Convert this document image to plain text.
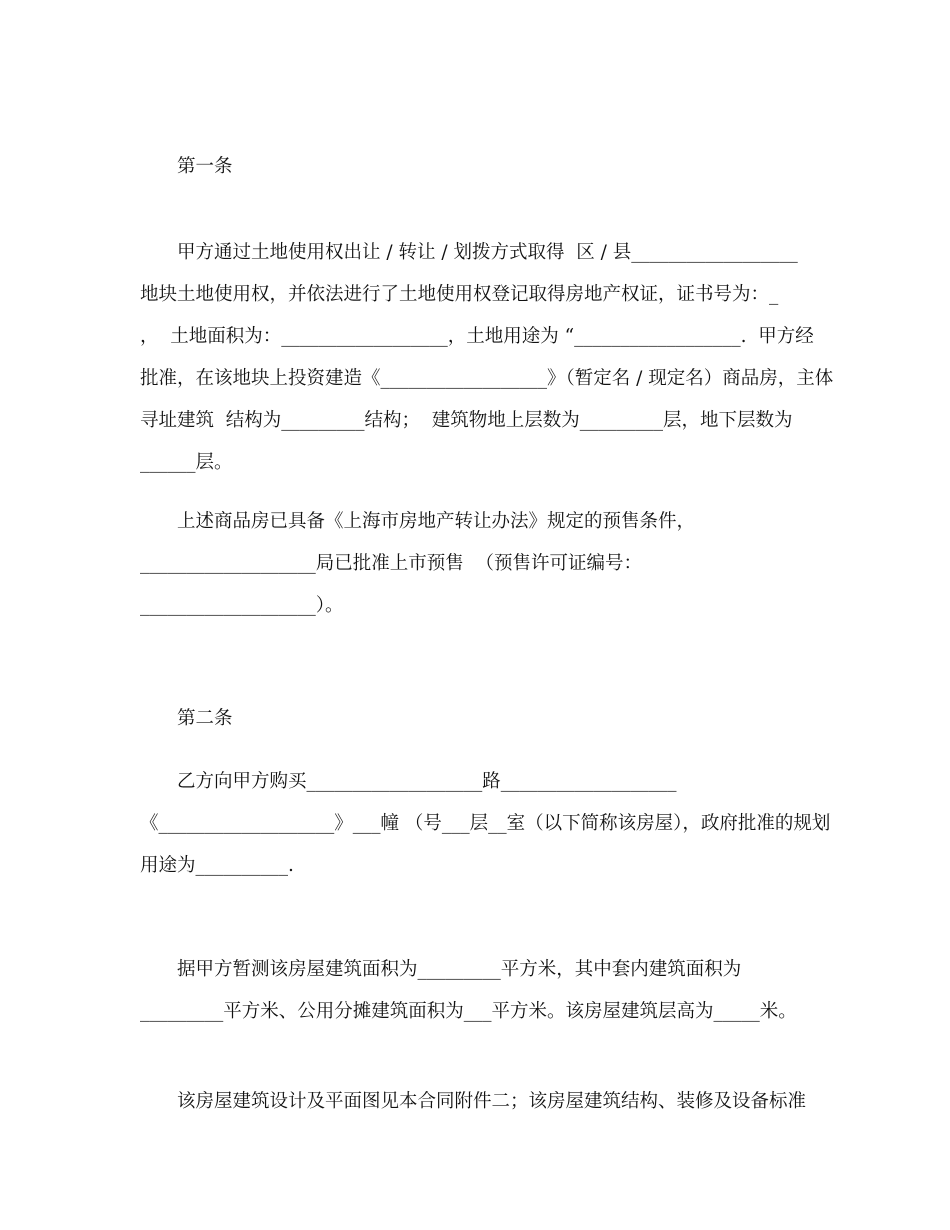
第一条
甲方通过土地使用权出让 / 转让 / 划拨方式取得  区 / 县__________________
地块土地使用权，并依法进行了土地使用权登记取得房地产权证，证书号为：_
，  土地面积为：__________________，土地用途为 “__________________.  甲方经
批准，在该地块上投资建造《__________________》（暂定名 / 现定名）商品房，主体
寻址建筑  结构为_________结构；  建筑物地上层数为_________层，地下层数为
______层。
上述商品房已具备《上海市房地产转让办法》规定的预售条件，
___________________局已批准上市预售  （预售许可证编号：
___________________）。
第二条
乙方向甲方购买___________________路___________________
《___________________》___幢 （号___层__室（以下简称该房屋），政府批准的规划
用途为__________.
据甲方暂测该房屋建筑面积为_________平方米，其中套内建筑面积为
_________平方米、公用分摊建筑面积为___平方米。该房屋建筑层高为_____米。
该房屋建筑设计及平面图见本合同附件二；该房屋建筑结构、装修及设备标准
